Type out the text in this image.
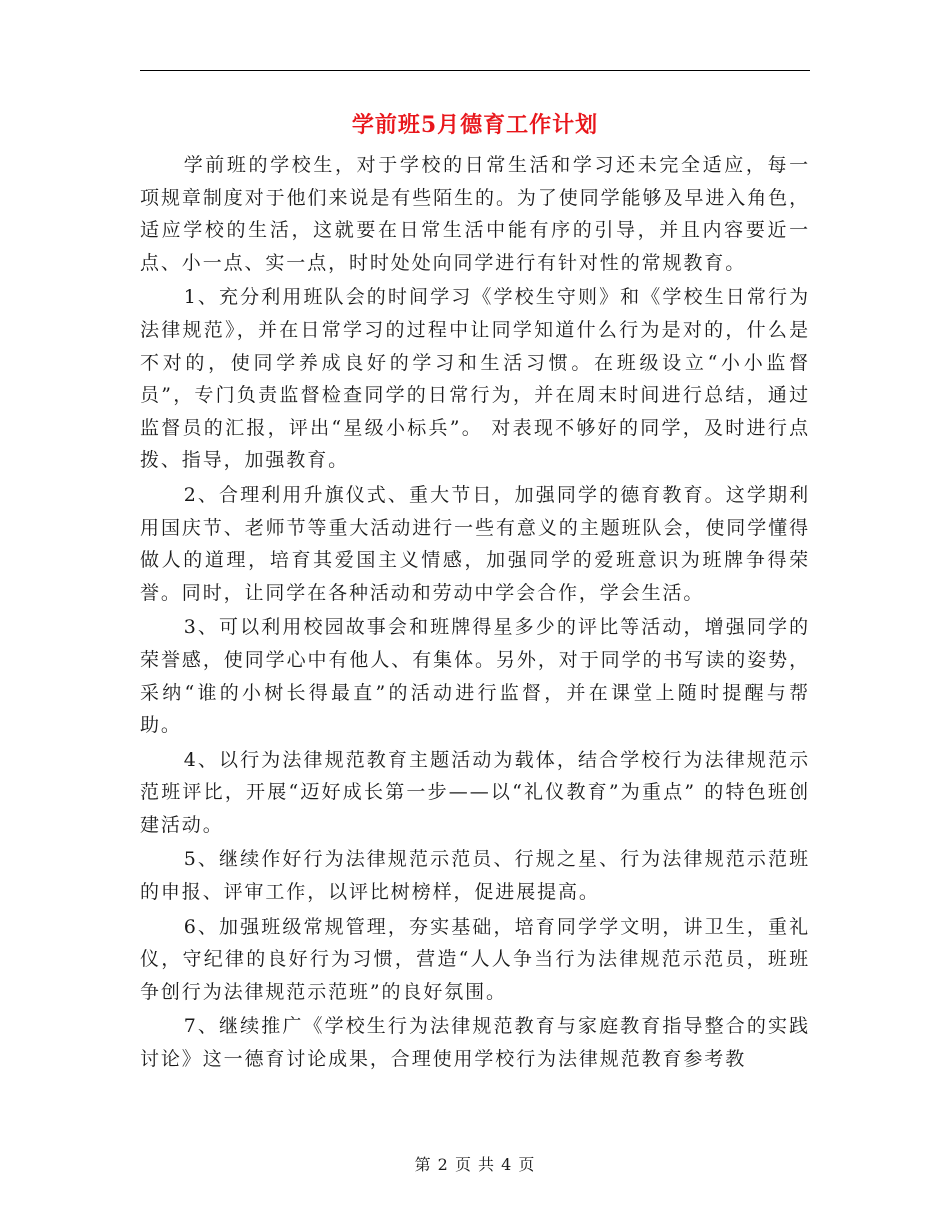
学前班5月德育工作计划

学前班的学校生，对于学校的日常生活和学习还未完全适应，每一项规章制度对于他们来说是有些陌生的。为了使同学能够及早进入角色，适应学校的生活，这就要在日常生活中能有序的引导，并且内容要近一点、小一点、实一点，时时处处向同学进行有针对性的常规教育。

1、充分利用班队会的时间学习《学校生守则》和《学校生日常行为法律规范》，并在日常学习的过程中让同学知道什么行为是对的，什么是不对的，使同学养成良好的学习和生活习惯。在班级设立“小小监督员”，专门负责监督检查同学的日常行为，并在周末时间进行总结，通过监督员的汇报，评出“星级小标兵”。 对表现不够好的同学，及时进行点拨、指导，加强教育。

2、合理利用升旗仪式、重大节日，加强同学的德育教育。这学期利用国庆节、老师节等重大活动进行一些有意义的主题班队会，使同学懂得做人的道理，培育其爱国主义情感，加强同学的爱班意识为班牌争得荣誉。同时，让同学在各种活动和劳动中学会合作，学会生活。

3、可以利用校园故事会和班牌得星多少的评比等活动，增强同学的荣誉感，使同学心中有他人、有集体。另外，对于同学的书写读的姿势，采纳“谁的小树长得最直”的活动进行监督，并在课堂上随时提醒与帮助。

4、以行为法律规范教育主题活动为载体，结合学校行为法律规范示范班评比，开展“迈好成长第一步——以“礼仪教育”为重点” 的特色班创建活动。

5、继续作好行为法律规范示范员、行规之星、行为法律规范示范班的申报、评审工作，以评比树榜样，促进展提高。

6、加强班级常规管理，夯实基础，培育同学学文明，讲卫生，重礼仪，守纪律的良好行为习惯，营造“人人争当行为法律规范示范员，班班争创行为法律规范示范班”的良好氛围。

7、继续推广《学校生行为法律规范教育与家庭教育指导整合的实践讨论》这一德育讨论成果，合理使用学校行为法律规范教育参考教

第 2 页 共 4 页
